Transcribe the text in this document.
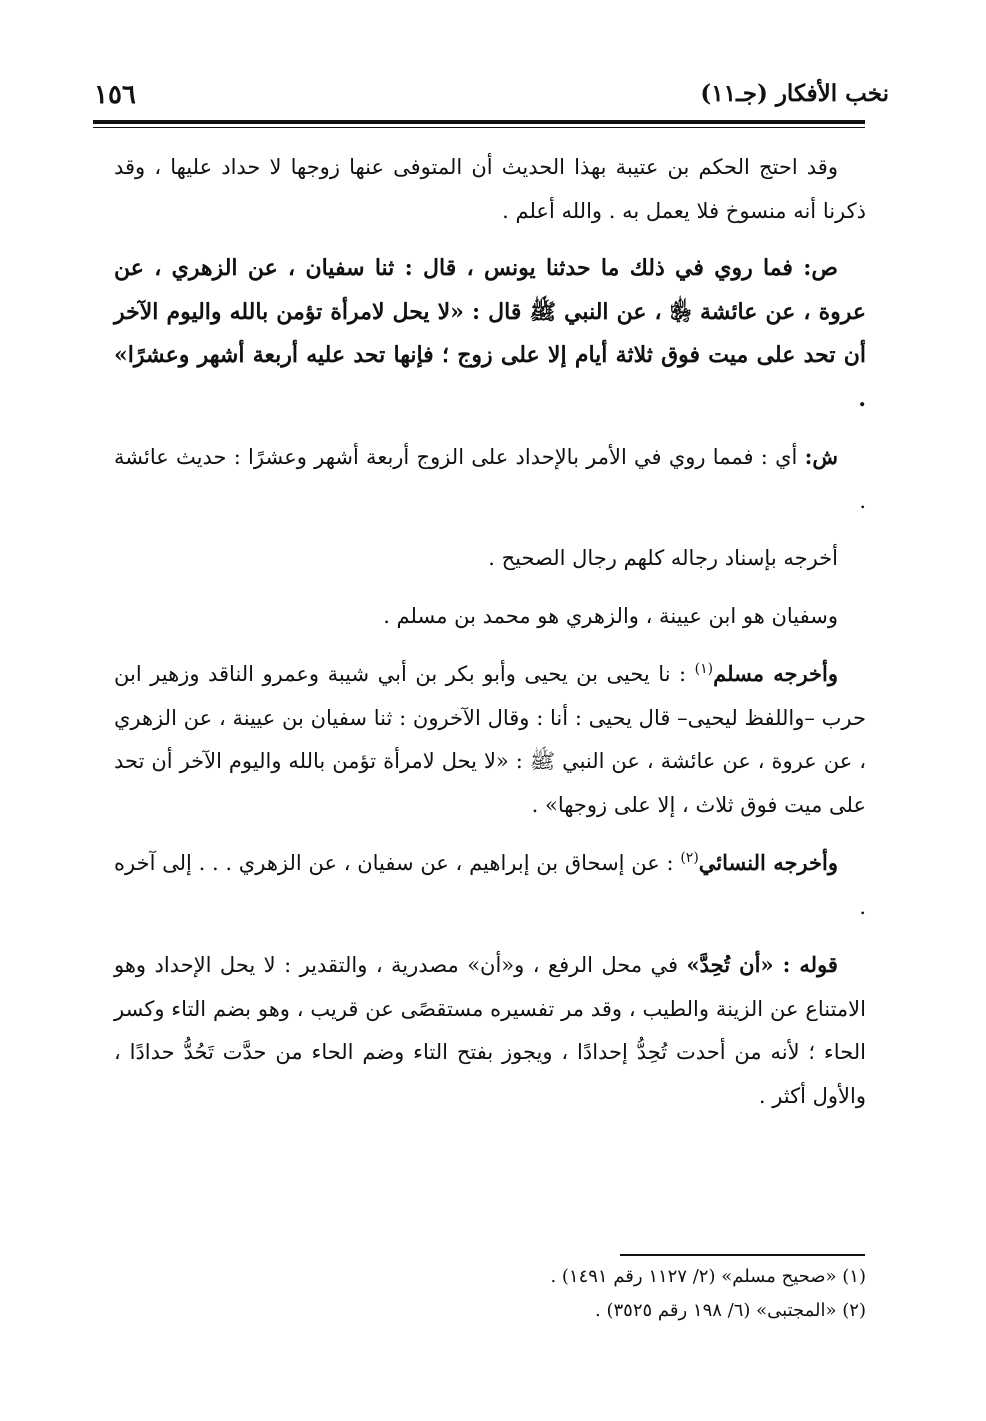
نخب الأفكار (جـ١١)
١٥٦

وقد احتج الحكم بن عتيبة بهذا الحديث أن المتوفى عنها زوجها لا حداد عليها ، وقد ذكرنا أنه منسوخ فلا يعمل به . والله أعلم .

ص: فما روي في ذلك ما حدثنا يونس ، قال : ثنا سفيان ، عن الزهري ، عن عروة ، عن عائشة ﵂ ، عن النبي ﷺ قال : «لا يحل لامرأة تؤمن بالله واليوم الآخر أن تحد على ميت فوق ثلاثة أيام إلا على زوج ؛ فإنها تحد عليه أربعة أشهر وعشرًا» .

ش: أي : فمما روي في الأمر بالإحداد على الزوج أربعة أشهر وعشرًا : حديث عائشة .

أخرجه بإسناد رجاله كلهم رجال الصحيح .

وسفيان هو ابن عيينة ، والزهري هو محمد بن مسلم .

وأخرجه مسلم$^{(١)}$ : نا يحيى بن يحيى وأبو بكر بن أبي شيبة وعمرو الناقد وزهير ابن حرب –واللفظ ليحيى– قال يحيى : أنا : وقال الآخرون : ثنا سفيان بن عيينة ، عن الزهري ، عن عروة ، عن عائشة ، عن النبي ﷺ : «لا يحل لامرأة تؤمن بالله واليوم الآخر أن تحد على ميت فوق ثلاث ، إلا على زوجها» .

وأخرجه النسائي$^{(٢)}$ : عن إسحاق بن إبراهيم ، عن سفيان ، عن الزهري . . . إلى آخره .

قوله : «أن تُحِدَّ» في محل الرفع ، و«أن» مصدرية ، والتقدير : لا يحل الإحداد وهو الامتناع عن الزينة والطيب ، وقد مر تفسيره مستقصًى عن قريب ، وهو بضم التاء وكسر الحاء ؛ لأنه من أحدت تُحِدُّ إحدادًا ، ويجوز بفتح التاء وضم الحاء من حدَّت تَحُدُّ حدادًا ، والأول أكثر .

(١) «صحيح مسلم» (٢/ ١١٢٧ رقم ١٤٩١) .

(٢) «المجتبى» (٦/ ١٩٨ رقم ٣٥٢٥) .
